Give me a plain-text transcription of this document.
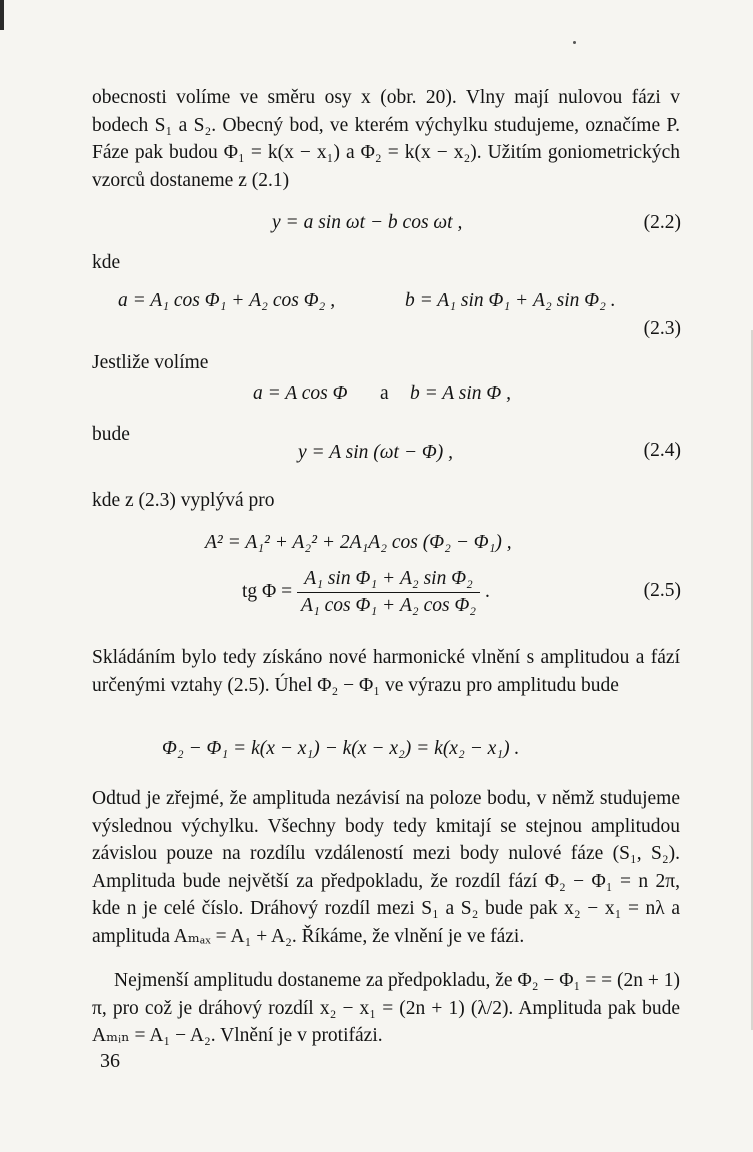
obecnosti volíme ve směru osy x (obr. 20). Vlny mají nulovou fázi v bodech S₁ a S₂. Obecný bod, ve kterém výchylku studujeme, označíme P. Fáze pak budou Φ₁ = k(x − x₁) a Φ₂ = k(x − x₂). Užitím goniometrických vzorců dostaneme z (2.1)

y = a sin ωt − b cos ωt ,	(2.2)
kde
a = A₁ cos Φ₁ + A₂ cos Φ₂ ,	b = A₁ sin Φ₁ + A₂ sin Φ₂ .
(2.3)
Jestliže volíme
a = A cos Φ a b = A sin Φ ,
bude
y = A sin (ωt − Φ) ,	(2.4)
kde z (2.3) vyplývá pro
A² = A₁² + A₂² + 2A₁A₂ cos (Φ₂ − Φ₁) ,
tg $\Phi = \frac{\text{A₁ sin Φ₁ + A₂ sin Φ₂}}{\text{A₁ cos Φ₁ + A₂ cos Φ₂}}$ .	(2.5)

Skládáním bylo tedy získáno nové harmonické vlnění s amplitudou a fází určenými vztahy (2.5). Úhel Φ₂ − Φ₁ ve výrazu pro amplitudu bude

Φ₂ − Φ₁ = k(x − x₁) − k(x − x₂) = k(x₂ − x₁) .

Odtud je zřejmé, že amplituda nezávisí na poloze bodu, v němž studujeme výslednou výchylku. Všechny body tedy kmitají se stejnou amplitudou závislou pouze na rozdílu vzdáleností mezi body nulové fáze (S₁, S₂). Amplituda bude největší za předpokladu, že rozdíl fází Φ₂ − Φ₁ = n 2π, kde n je celé číslo. Dráhový rozdíl mezi S₁ a S₂ bude pak x₂ − x₁ = nλ a amplituda Aₘₐₓ = A₁ + A₂. Říkáme, že vlnění je ve fázi.

Nejmenší amplitudu dostaneme za předpokladu, že Φ₂ − Φ₁ = = (2n + 1) π, pro což je dráhový rozdíl x₂ − x₁ = (2n + 1) (λ/2). Amplituda pak bude Aₘᵢₙ = A₁ − A₂. Vlnění je v protifázi.

36
